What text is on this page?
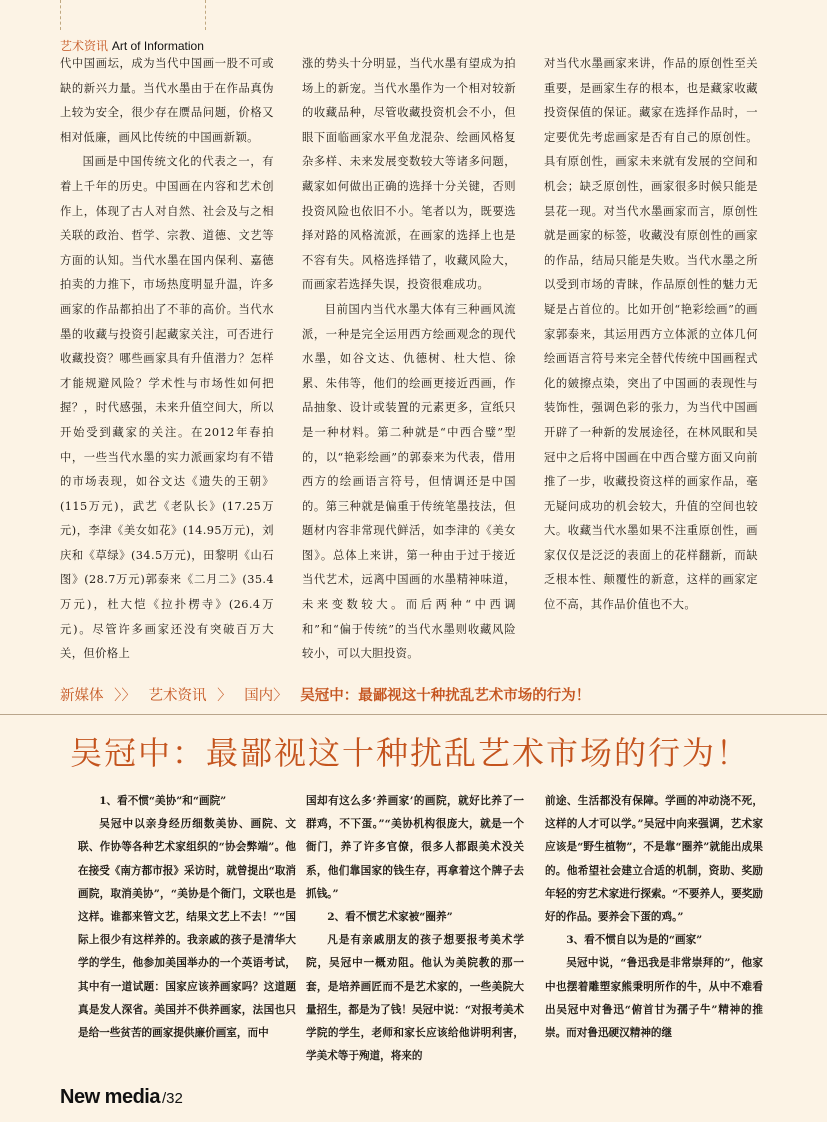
艺术资讯 Art of Information

代中国画坛，成为当代中国画一股不可或缺的新兴力量。当代水墨由于在作品真伪上较为安全，很少存在赝品问题，价格又相对低廉，画风比传统的中国画新颖。

国画是中国传统文化的代表之一，有着上千年的历史。中国画在内容和艺术创作上，体现了古人对自然、社会及与之相关联的政治、哲学、宗教、道德、文艺等方面的认知。当代水墨在国内保利、嘉德拍卖的力推下，市场热度明显升温，许多画家的作品都拍出了不菲的高价。当代水墨的收藏与投资引起藏家关注，可否进行收藏投资？哪些画家具有升值潜力？怎样才能规避风险？学术性与市场性如何把握？，时代感强，未来升值空间大，所以开始受到藏家的关注。在2012年春拍中，一些当代水墨的实力派画家均有不错的市场表现，如谷文达《遗失的王朝》(115万元)，武艺《老队长》(17.25万元)，李津《美女如花》(14.95万元)，刘庆和《草绿》(34.5万元)，田黎明《山石图》(28.7万元)郭泰来《二月二》(35.4万元)，杜大恺《拉扑楞寺》(26.4万元)。尽管许多画家还没有突破百万大关，但价格上

涨的势头十分明显，当代水墨有望成为拍场上的新宠。当代水墨作为一个相对较新的收藏品种，尽管收藏投资机会不小，但眼下面临画家水平鱼龙混杂、绘画风格复杂多样、未来发展变数较大等诸多问题，藏家如何做出正确的选择十分关键，否则投资风险也依旧不小。笔者以为，既要选择对路的风格流派，在画家的选择上也是不容有失。风格选择错了，收藏风险大，而画家若选择失误，投资很难成功。

目前国内当代水墨大体有三种画风流派，一种是完全运用西方绘画观念的现代水墨，如谷文达、仇德树、杜大恺、徐累、朱伟等，他们的绘画更接近西画，作品抽象、设计或装置的元素更多，宣纸只是一种材料。第二种就是“中西合璧”型的，以“艳彩绘画”的郭泰来为代表，借用西方的绘画语言符号，但情调还是中国的。第三种就是偏重于传统笔墨技法，但题材内容非常现代鲜活，如李津的《美女图》。总体上来讲，第一种由于过于接近当代艺术，远离中国画的水墨精神味道，未来变数较大。而后两种“中西调和”和“偏于传统”的当代水墨则收藏风险较小，可以大胆投资。

对当代水墨画家来讲，作品的原创性至关重要，是画家生存的根本，也是藏家收藏投资保值的保证。藏家在选择作品时，一定要优先考虑画家是否有自己的原创性。具有原创性，画家未来就有发展的空间和机会；缺乏原创性，画家很多时候只能是昙花一现。对当代水墨画家而言，原创性就是画家的标签，收藏没有原创性的画家的作品，结局只能是失败。当代水墨之所以受到市场的青睐，作品原创性的魅力无疑是占首位的。比如开创“艳彩绘画”的画家郭泰来，其运用西方立体派的立体几何绘画语言符号来完全替代传统中国画程式化的皴擦点染，突出了中国画的表现性与装饰性，强调色彩的张力，为当代中国画开辟了一种新的发展途径，在林风眠和吴冠中之后将中国画在中西合璧方面又向前推了一步，收藏投资这样的画家作品，毫无疑问成功的机会较大，升值的空间也较大。收藏当代水墨如果不注重原创性，画家仅仅是泛泛的表面上的花样翻新，而缺乏根本性、颠覆性的新意，这样的画家定位不高，其作品价值也不大。

新媒体 〉〉 艺术资讯 〉 国内〉 吴冠中：最鄙视这十种扰乱艺术市场的行为！
吴冠中：最鄙视这十种扰乱艺术市场的行为！

1、看不惯“美协”和“画院”

吴冠中以亲身经历细数美协、画院、文联、作协等各种艺术家组织的“协会弊端”。他在接受《南方都市报》采访时，就曾提出“取消画院，取消美协”，“美协是个衙门，文联也是这样。谁都来管文艺，结果文艺上不去！”“国际上很少有这样养的。我亲戚的孩子是清华大学的学生，他参加美国举办的一个英语考试，其中有一道试题：国家应该养画家吗？这道题真是发人深省。美国并不供养画家，法国也只是给一些贫苦的画家提供廉价画室，而中

国却有这么多‘养画家’的画院，就好比养了一群鸡，不下蛋。”“美协机构很庞大，就是一个衙门，养了许多官僚，很多人都跟美术没关系，他们靠国家的钱生存，再拿着这个牌子去抓钱。”

2、看不惯艺术家被“圈养”

凡是有亲戚朋友的孩子想要报考美术学院，吴冠中一概劝阻。他认为美院教的那一套，是培养画匠而不是艺术家的，一些美院大量招生，都是为了钱！吴冠中说：“对报考美术学院的学生，老师和家长应该给他讲明利害，学美术等于殉道，将来的

前途、生活都没有保障。学画的冲动浇不死，这样的人才可以学。”吴冠中向来强调，艺术家应该是“野生植物”，不是靠“圈养”就能出成果的。他希望社会建立合适的机制，资助、奖励年轻的穷艺术家进行探索。“不要养人，要奖励好的作品。要养会下蛋的鸡。”

3、看不惯自以为是的“画家”

吴冠中说，“鲁迅我是非常崇拜的”，他家中也摆着雕塑家熊秉明所作的牛，从中不难看出吴冠中对鲁迅“俯首甘为孺子牛”精神的推崇。而对鲁迅硬汉精神的继

New media /32
